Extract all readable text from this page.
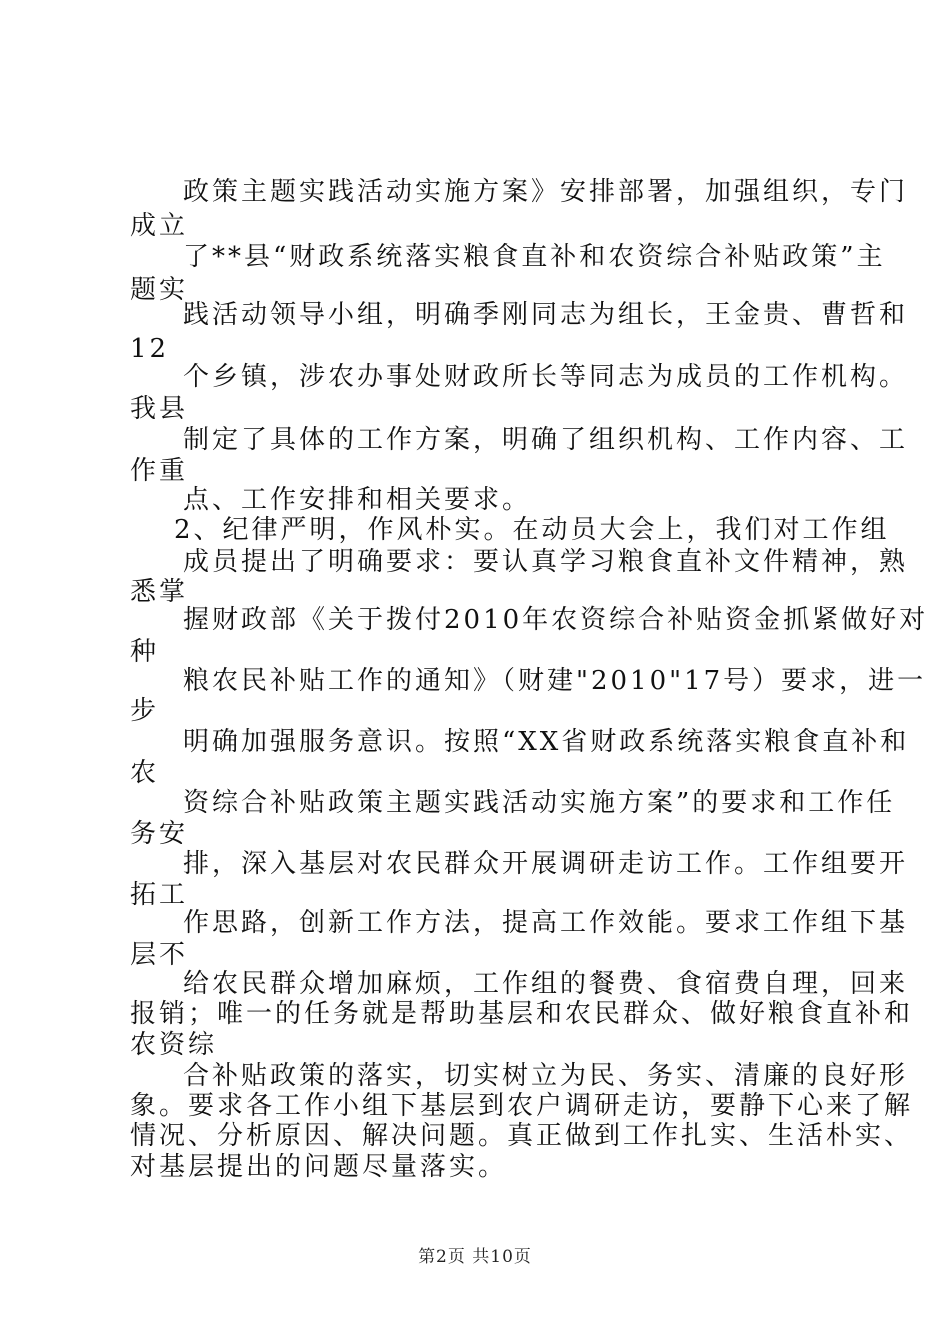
政策主题实践活动实施方案》安排部署，加强组织，专门
成立
了**县“财政系统落实粮食直补和农资综合补贴政策”主
题实
践活动领导小组，明确季刚同志为组长，王金贵、曹哲和
12
个乡镇，涉农办事处财政所长等同志为成员的工作机构。
我县
制定了具体的工作方案，明确了组织机构、工作内容、工
作重
点、工作安排和相关要求。
2、纪律严明，作风朴实。在动员大会上，我们对工作组
成员提出了明确要求：要认真学习粮食直补文件精神，熟
悉掌
握财政部《关于拨付2010年农资综合补贴资金抓紧做好对
种
粮农民补贴工作的通知》（财建"2010"17号）要求，进一
步
明确加强服务意识。按照“XX省财政系统落实粮食直补和
农
资综合补贴政策主题实践活动实施方案”的要求和工作任
务安
排，深入基层对农民群众开展调研走访工作。工作组要开
拓工
作思路，创新工作方法，提高工作效能。要求工作组下基
层不
给农民群众增加麻烦，工作组的餐费、食宿费自理，回来
报销；唯一的任务就是帮助基层和农民群众、做好粮食直补和
农资综
合补贴政策的落实，切实树立为民、务实、清廉的良好形
象。要求各工作小组下基层到农户调研走访，要静下心来了解
情况、分析原因、解决问题。真正做到工作扎实、生活朴实、
对基层提出的问题尽量落实。
第2页 共10页
